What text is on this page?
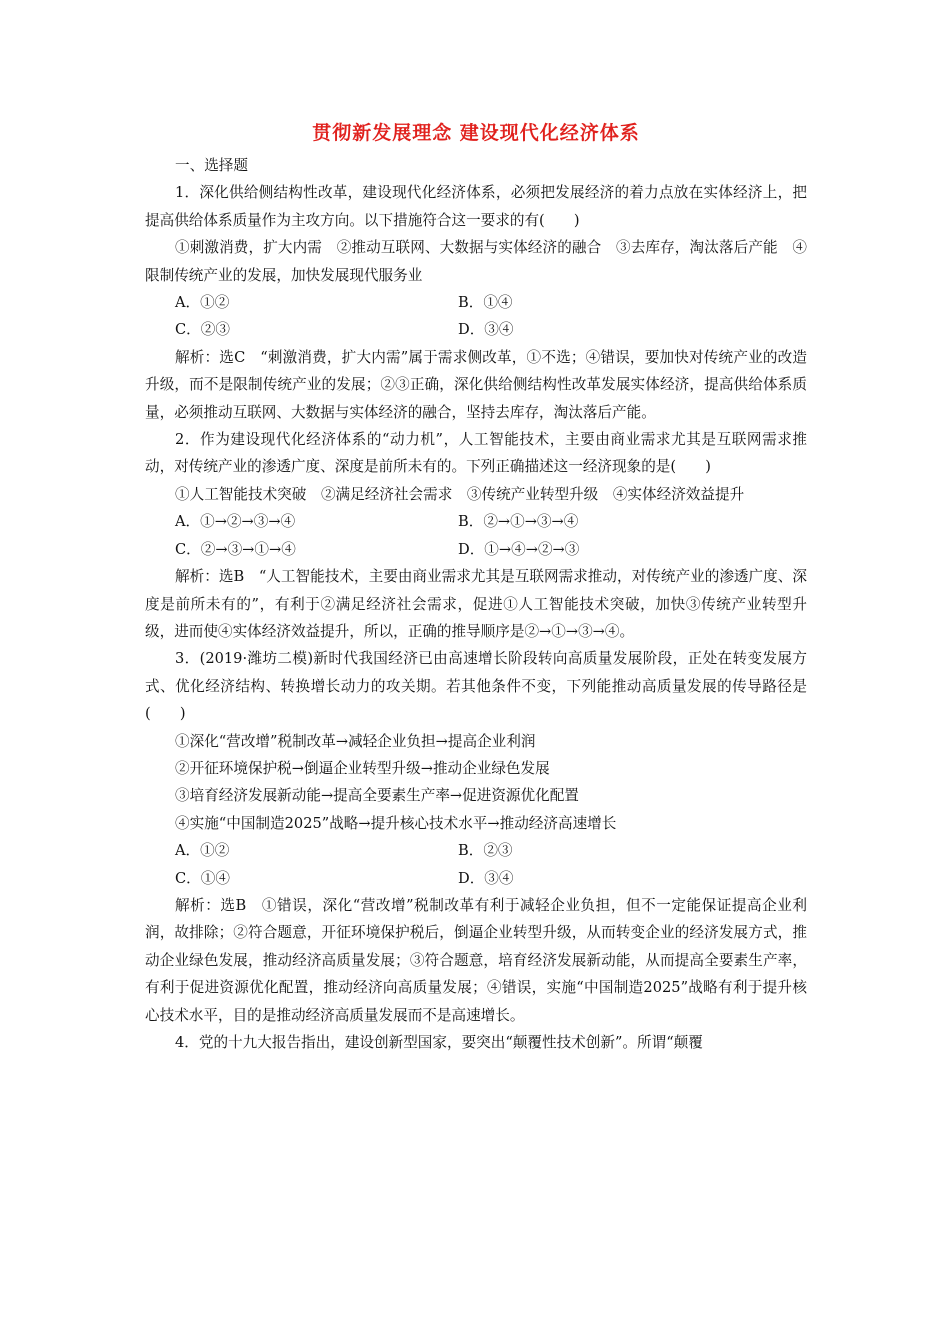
贯彻新发展理念 建设现代化经济体系
一、选择题

1．深化供给侧结构性改革，建设现代化经济体系，必须把发展经济的着力点放在实体经济上，把提高供给体系质量作为主攻方向。以下措施符合这一要求的有(　　)

①刺激消费，扩大内需　②推动互联网、大数据与实体经济的融合　③去库存，淘汰落后产能　④限制传统产业的发展，加快发展现代服务业

A．①②	B．①④
C．②③	D．③④

解析：选C　“刺激消费，扩大内需”属于需求侧改革，①不选；④错误，要加快对传统产业的改造升级，而不是限制传统产业的发展；②③正确，深化供给侧结构性改革发展实体经济，提高供给体系质量，必须推动互联网、大数据与实体经济的融合，坚持去库存，淘汰落后产能。

2．作为建设现代化经济体系的“动力机”，人工智能技术，主要由商业需求尤其是互联网需求推动，对传统产业的渗透广度、深度是前所未有的。下列正确描述这一经济现象的是(　　)

①人工智能技术突破　②满足经济社会需求　③传统产业转型升级　④实体经济效益提升

A．①→②→③→④	B．②→①→③→④
C．②→③→①→④	D．①→④→②→③

解析：选B　“人工智能技术，主要由商业需求尤其是互联网需求推动，对传统产业的渗透广度、深度是前所未有的”，有利于②满足经济社会需求，促进①人工智能技术突破，加快③传统产业转型升级，进而使④实体经济效益提升，所以，正确的推导顺序是②→①→③→④。

3．(2019·潍坊二模)新时代我国经济已由高速增长阶段转向高质量发展阶段，正处在转变发展方式、优化经济结构、转换增长动力的攻关期。若其他条件不变，下列能推动高质量发展的传导路径是(　　)

①深化“营改增”税制改革→减轻企业负担→提高企业利润
②开征环境保护税→倒逼企业转型升级→推动企业绿色发展
③培育经济发展新动能→提高全要素生产率→促进资源优化配置
④实施“中国制造2025”战略→提升核心技术水平→推动经济高速增长
A．①②	B．②③
C．①④	D．③④

解析：选B　①错误，深化“营改增”税制改革有利于减轻企业负担，但不一定能保证提高企业利润，故排除；②符合题意，开征环境保护税后，倒逼企业转型升级，从而转变企业的经济发展方式，推动企业绿色发展，推动经济高质量发展；③符合题意，培育经济发展新动能，从而提高全要素生产率，有利于促进资源优化配置，推动经济向高质量发展；④错误，实施“中国制造2025”战略有利于提升核心技术水平，目的是推动经济高质量发展而不是高速增长。

4．党的十九大报告指出，建设创新型国家，要突出“颠覆性技术创新”。所谓“颠覆
